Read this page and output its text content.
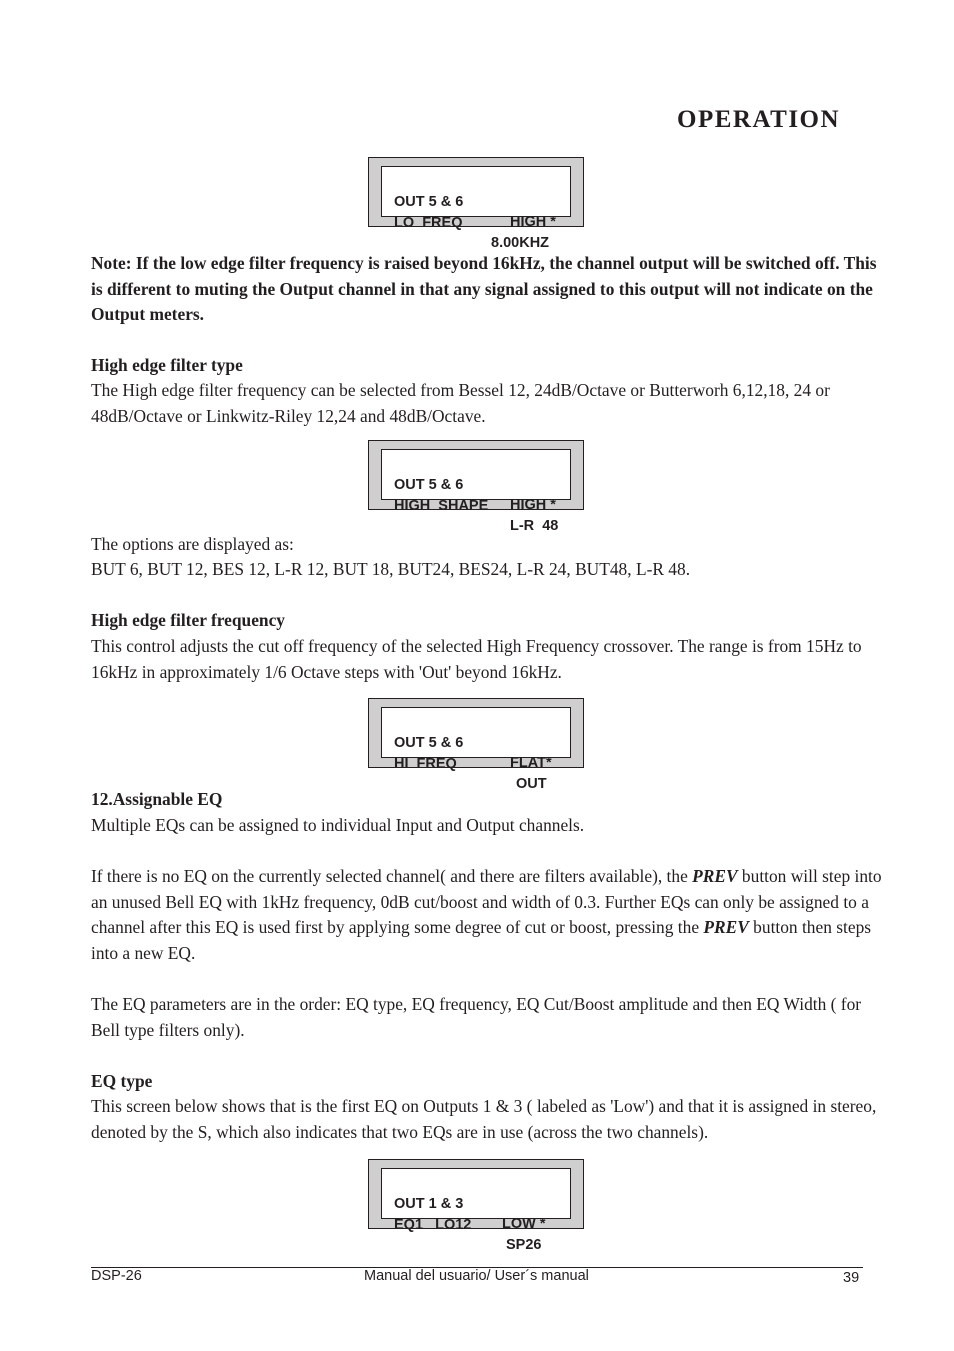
OPERATION

OUT 5 & 6

HIGH *

LO  FREQ

8.00KHZ

Note: If the low edge filter frequency is raised beyond 16kHz, the channel output will be switched off. This is different to muting the Output channel in that any signal assigned to this output will not indicate on the Output meters.

High edge filter type

The High edge filter frequency can be selected from Bessel 12, 24dB/Octave or Butterworh 6,12,18, 24 or 48dB/Octave or Linkwitz-Riley 12,24 and 48dB/Octave.

OUT 5 & 6

HIGH *

HIGH  SHAPE

L-R  48

The options are displayed as:

BUT 6, BUT 12, BES 12, L-R 12, BUT 18, BUT24, BES24, L-R 24, BUT48, L-R 48.

High edge filter frequency

This control adjusts the cut off frequency of the selected High Frequency crossover. The range is from 15Hz to 16kHz in approximately 1/6 Octave steps with 'Out' beyond 16kHz.

OUT 5 & 6

FLAT*

HI  FREQ

OUT

12.Assignable EQ

Multiple EQs can be assigned to individual Input and Output channels.

If there is no EQ on the currently selected channel( and there are filters available), the PREV button will step into an unused Bell EQ with 1kHz frequency, 0dB cut/boost and width of 0.3. Further EQs can only be assigned to a channel after this EQ is used first by applying some degree of cut or boost, pressing the PREV button then steps into a new EQ.

The EQ parameters are in the order: EQ type, EQ frequency, EQ Cut/Boost amplitude and then EQ Width ( for Bell type filters only).

EQ type

This screen below shows that is the first EQ on Outputs 1 & 3 ( labeled as 'Low') and that it is assigned in stereo, denoted by the S, which also indicates that two EQs are in use (across the two channels).

OUT 1 & 3

LOW *

EQ1   LO12

SP26

DSP-26	Manual del usuario/ User´s manual	39
